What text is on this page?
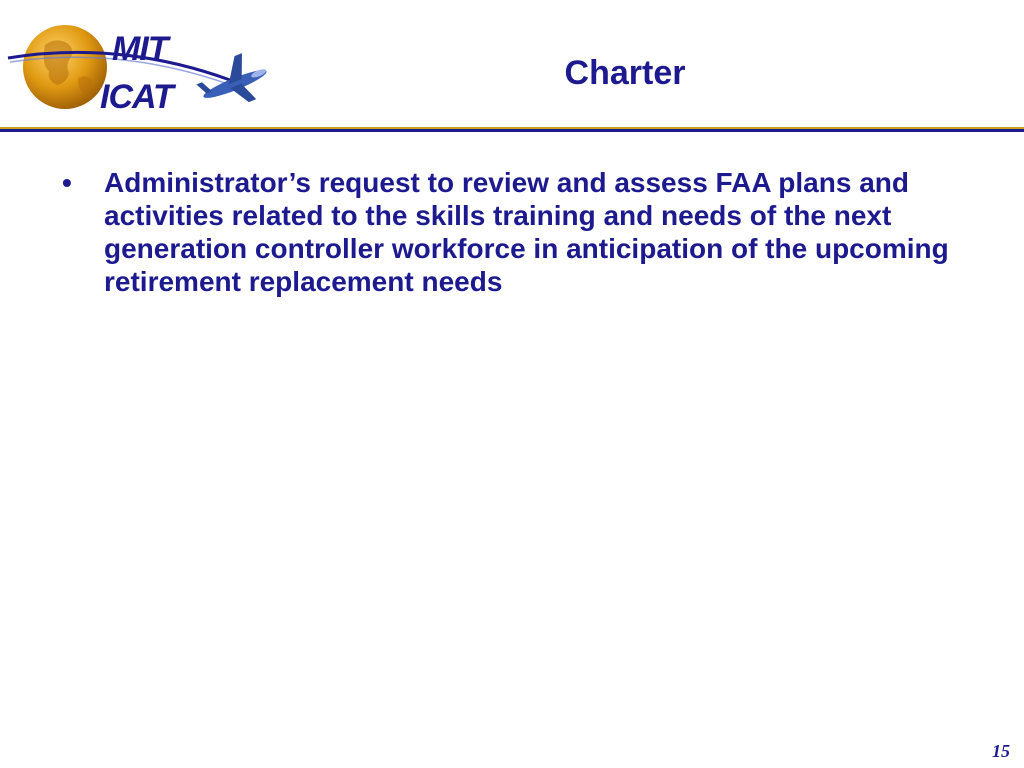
MIT
ICAT
Charter
•	Administrator’s request to review and assess FAA plans and activities related to the skills training and needs of the next generation controller workforce in anticipation of the upcoming retirement replacement needs
15
